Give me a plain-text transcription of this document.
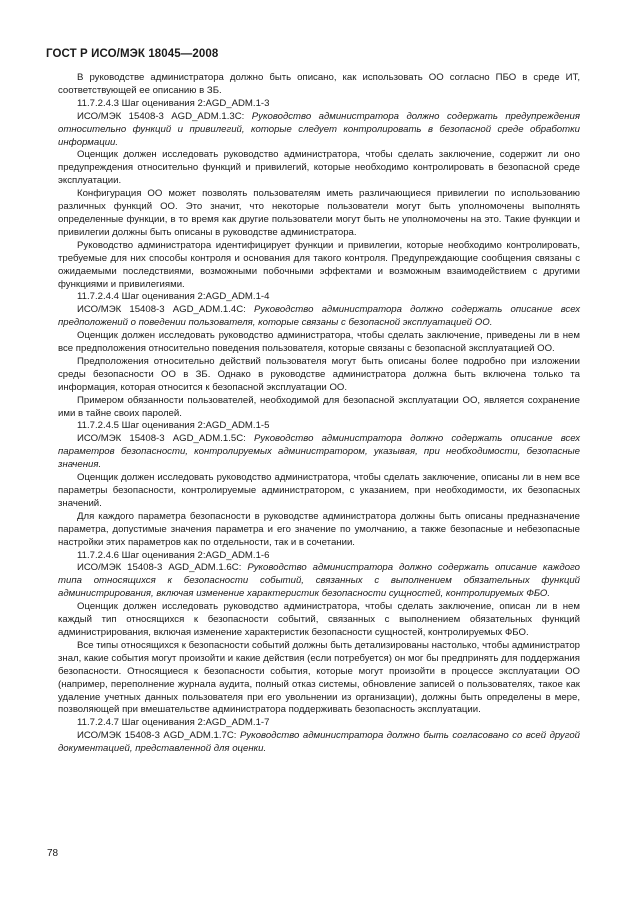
ГОСТ Р ИСО/МЭК 18045—2008

В руководстве администратора должно быть описано, как использовать ОО согласно ПБО в среде ИТ, соответствующей ее описанию в ЗБ.

11.7.2.4.3 Шаг оценивания 2:AGD_ADM.1-3

ИСО/МЭК 15408-3 AGD_ADM.1.3C: Руководство администратора должно содержать предупреждения относительно функций и привилегий, которые следует контролировать в безопасной среде обработки информации.

Оценщик должен исследовать руководство администратора, чтобы сделать заключение, содержит ли оно предупреждения относительно функций и привилегий, которые необходимо контролировать в безопасной среде эксплуатации.

Конфигурация ОО может позволять пользователям иметь различающиеся привилегии по использованию различных функций ОО. Это значит, что некоторые пользователи могут быть уполномочены выполнять определенные функции, в то время как другие пользователи могут быть не уполномочены на это. Такие функции и привилегии должны быть описаны в руководстве администратора.

Руководство администратора идентифицирует функции и привилегии, которые необходимо контролировать, требуемые для них способы контроля и основания для такого контроля. Предупреждающие сообщения связаны с ожидаемыми последствиями, возможными побочными эффектами и возможным взаимодействием с другими функциями и привилегиями.

11.7.2.4.4 Шаг оценивания 2:AGD_ADM.1-4

ИСО/МЭК 15408-3 AGD_ADM.1.4C: Руководство администратора должно содержать описание всех предположений о поведении пользователя, которые связаны с безопасной эксплуатацией ОО.

Оценщик должен исследовать руководство администратора, чтобы сделать заключение, приведены ли в нем все предположения относительно поведения пользователя, которые связаны с безопасной эксплуатацией ОО.

Предположения относительно действий пользователя могут быть описаны более подробно при изложении среды безопасности ОО в ЗБ. Однако в руководстве администратора должна быть включена только та информация, которая относится к безопасной эксплуатации ОО.

Примером обязанности пользователей, необходимой для безопасной эксплуатации ОО, является сохранение ими в тайне своих паролей.

11.7.2.4.5 Шаг оценивания 2:AGD_ADM.1-5

ИСО/МЭК 15408-3 AGD_ADM.1.5C: Руководство администратора должно содержать описание всех параметров безопасности, контролируемых администратором, указывая, при необходимости, безопасные значения.

Оценщик должен исследовать руководство администратора, чтобы сделать заключение, описаны ли в нем все параметры безопасности, контролируемые администратором, с указанием, при необходимости, их безопасных значений.

Для каждого параметра безопасности в руководстве администратора должны быть описаны предназначение параметра, допустимые значения параметра и его значение по умолчанию, а также безопасные и небезопасные настройки этих параметров как по отдельности, так и в сочетании.

11.7.2.4.6 Шаг оценивания 2:AGD_ADM.1-6

ИСО/МЭК 15408-3 AGD_ADM.1.6C: Руководство администратора должно содержать описание каждого типа относящихся к безопасности событий, связанных с выполнением обязательных функций администрирования, включая изменение характеристик безопасности сущностей, контролируемых ФБО.

Оценщик должен исследовать руководство администратора, чтобы сделать заключение, описан ли в нем каждый тип относящихся к безопасности событий, связанных с выполнением обязательных функций администрирования, включая изменение характеристик безопасности сущностей, контролируемых ФБО.

Все типы относящихся к безопасности событий должны быть детализированы настолько, чтобы администратор знал, какие события могут произойти и какие действия (если потребуется) он мог бы предпринять для поддержания безопасности. Относящиеся к безопасности события, которые могут произойти в процессе эксплуатации ОО (например, переполнение журнала аудита, полный отказ системы, обновление записей о пользователях, такое как удаление учетных данных пользователя при его увольнении из организации), должны быть определены в мере, позволяющей при вмешательстве администратора поддерживать безопасность эксплуатации.

11.7.2.4.7 Шаг оценивания 2:AGD_ADM.1-7

ИСО/МЭК 15408-3 AGD_ADM.1.7C: Руководство администратора должно быть согласовано со всей другой документацией, представленной для оценки.

78
